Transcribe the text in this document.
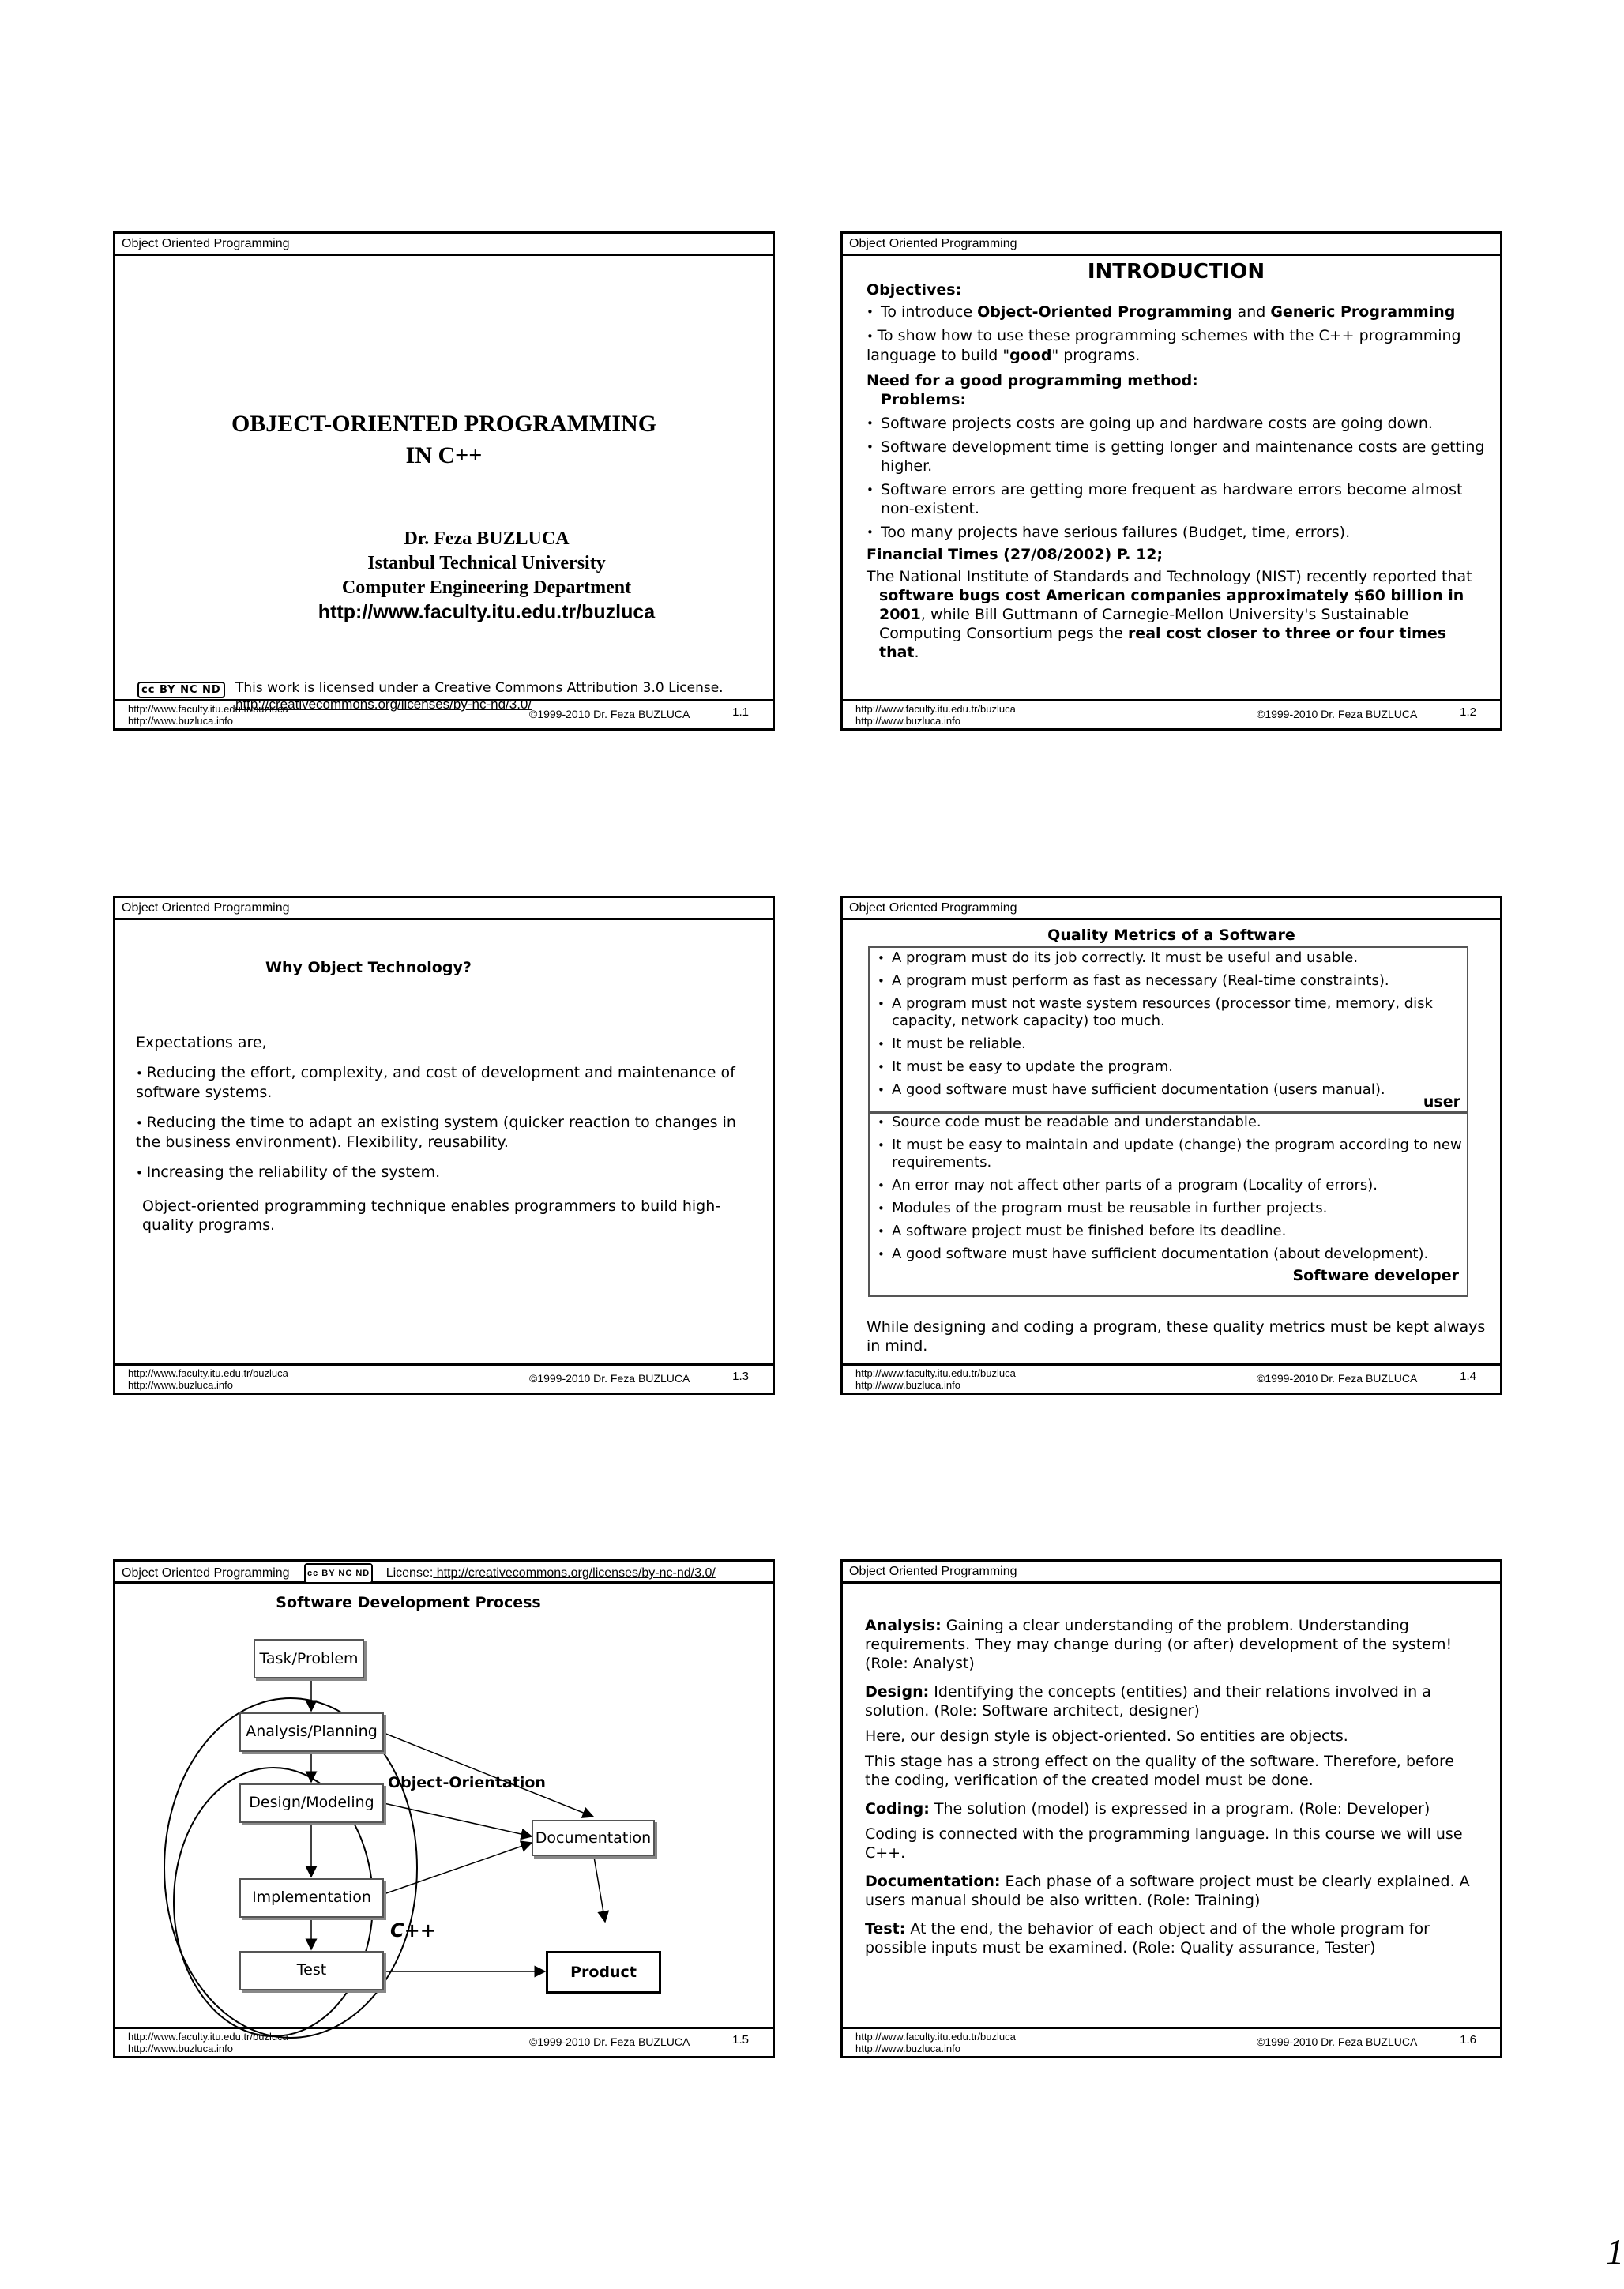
Object Oriented Programming
OBJECT-ORIENTED PROGRAMMING
IN C++
Dr. Feza BUZLUCA
Istanbul Technical University
Computer Engineering Department
http://www.faculty.itu.edu.tr/buzluca
cc BY NC ND This work is licensed under a Creative Commons Attribution 3.0 License.
http://creativecommons.org/licenses/by-nc-nd/3.0/
http://www.faculty.itu.edu.tr/buzluca
http://www.buzluca.info
©1999-2010 Dr. Feza BUZLUCA	1.1
Object Oriented Programming
INTRODUCTION
Objectives:
• To introduce Object-Oriented Programming and Generic Programming
• To show how to use these programming schemes with the C++ programming language to build "good" programs.
Need for a good programming method:
Problems:
• Software projects costs are going up and hardware costs are going down.
• Software development time is getting longer and maintenance costs are getting higher.
• Software errors are getting more frequent as hardware errors become almost non-existent.
• Too many projects have serious failures (Budget, time, errors).
Financial Times (27/08/2002) P. 12;
The National Institute of Standards and Technology (NIST) recently reported that software bugs cost American companies approximately $60 billion in 2001, while Bill Guttmann of Carnegie-Mellon University's Sustainable Computing Consortium pegs the real cost closer to three or four times that.
http://www.faculty.itu.edu.tr/buzluca
http://www.buzluca.info
©1999-2010 Dr. Feza BUZLUCA	1.2
Object Oriented Programming
Why Object Technology?
Expectations are,
• Reducing the effort, complexity, and cost of development and maintenance of software systems.
• Reducing the time to adapt an existing system (quicker reaction to changes in the business environment). Flexibility, reusability.
• Increasing the reliability of the system.
Object-oriented programming technique enables programmers to build high-quality programs.
http://www.faculty.itu.edu.tr/buzluca
http://www.buzluca.info
©1999-2010 Dr. Feza BUZLUCA	1.3
Object Oriented Programming
Quality Metrics of a Software
• A program must do its job correctly. It must be useful and usable.
• A program must perform as fast as necessary (Real-time constraints).
• A program must not waste system resources (processor time, memory, disk capacity, network capacity) too much.
• It must be reliable.
• It must be easy to update the program.
• A good software must have sufficient documentation (users manual).
user
• Source code must be readable and understandable.
• It must be easy to maintain and update (change) the program according to new requirements.
• An error may not affect other parts of a program (Locality of errors).
• Modules of the program must be reusable in further projects.
• A software project must be finished before its deadline.
• A good software must have sufficient documentation (about development).
Software developer
While designing and coding a program, these quality metrics must be kept always in mind.
http://www.faculty.itu.edu.tr/buzluca
http://www.buzluca.info
©1999-2010 Dr. Feza BUZLUCA	1.4
Object Oriented Programming cc BY NC ND License: http://creativecommons.org/licenses/by-nc-nd/3.0/
Software Development Process
Task/Problem
Analysis/Planning
Design/Modeling
Implementation
Test
Documentation
Product
Object-Orientation
C++
http://www.faculty.itu.edu.tr/buzluca
http://www.buzluca.info
©1999-2010 Dr. Feza BUZLUCA	1.5
Object Oriented Programming
Analysis: Gaining a clear understanding of the problem. Understanding requirements. They may change during (or after) development of the system! (Role: Analyst)
Design: Identifying the concepts (entities) and their relations involved in a solution. (Role: Software architect, designer)
Here, our design style is object-oriented. So entities are objects.
This stage has a strong effect on the quality of the software. Therefore, before the coding, verification of the created model must be done.
Coding: The solution (model) is expressed in a program. (Role: Developer)
Coding is connected with the programming language. In this course we will use C++.
Documentation: Each phase of a software project must be clearly explained. A users manual should be also written. (Role: Training)
Test: At the end, the behavior of each object and of the whole program for possible inputs must be examined. (Role: Quality assurance, Tester)
http://www.faculty.itu.edu.tr/buzluca
http://www.buzluca.info
©1999-2010 Dr. Feza BUZLUCA	1.6
1
